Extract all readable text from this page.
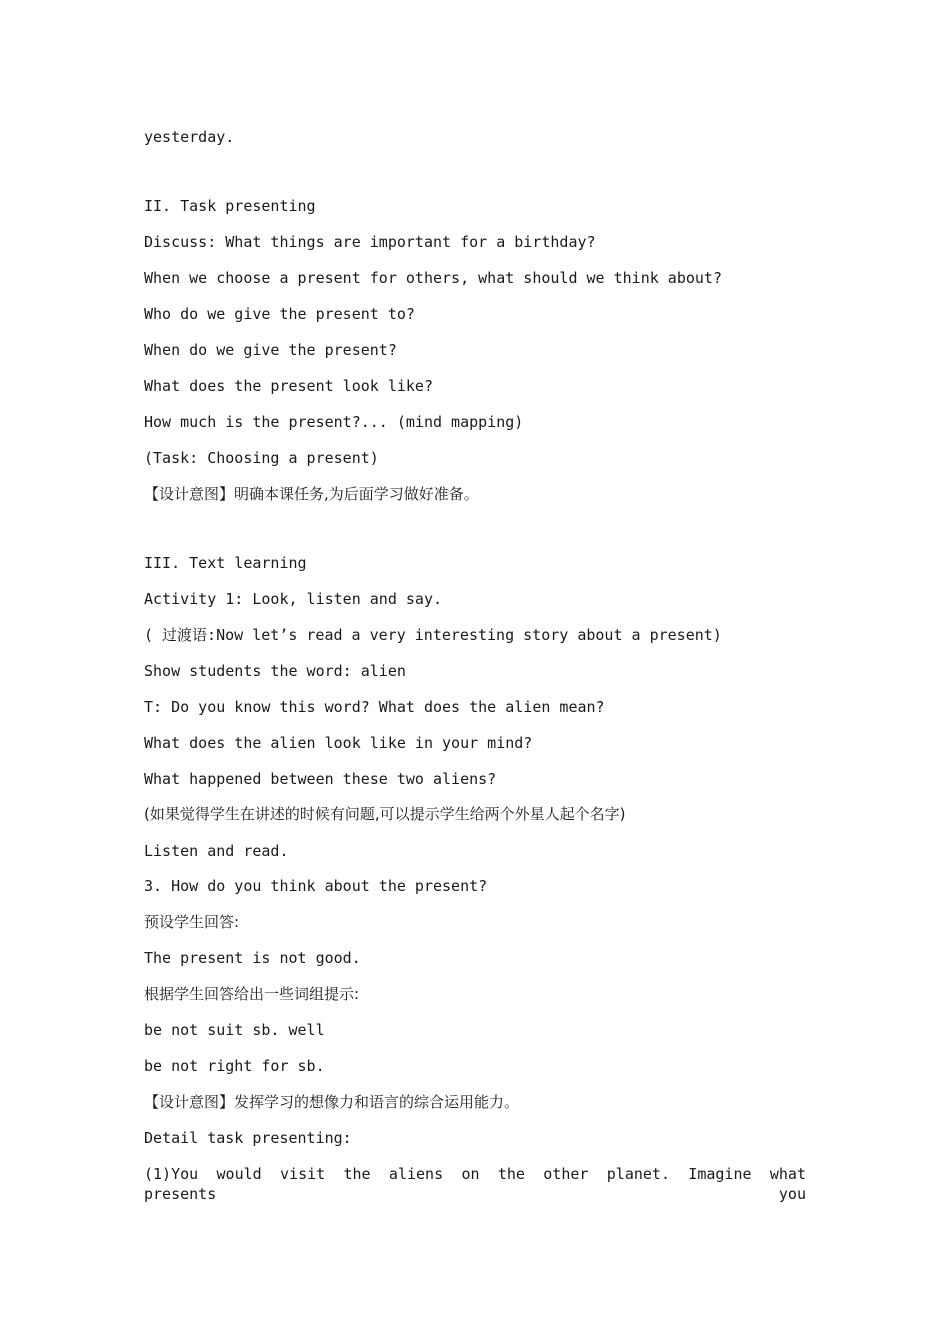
yesterday.
II. Task presenting
Discuss: What things are important for a birthday?
When we choose a present for others, what should we think about?
Who do we give the present to?
When do we give the present?
What does the present look like?
How much is the present?... (mind mapping)
(Task: Choosing a present)
【设计意图】明确本课任务,为后面学习做好准备。
III. Text learning
Activity 1: Look, listen and say.
( 过渡语:Now let’s read a very interesting story about a present)
Show students the word: alien
T: Do you know this word? What does the alien mean?
What does the alien look like in your mind?
What happened between these two aliens?
(如果觉得学生在讲述的时候有问题,可以提示学生给两个外星人起个名字)
Listen and read.
3. How do you think about the present?
预设学生回答:
The present is not good.
根据学生回答给出一些词组提示:
be not suit sb. well
be not right for sb.
【设计意图】发挥学习的想像力和语言的综合运用能力。
Detail task presenting:
(1)You would visit the aliens on the other planet. Imagine what presents you
